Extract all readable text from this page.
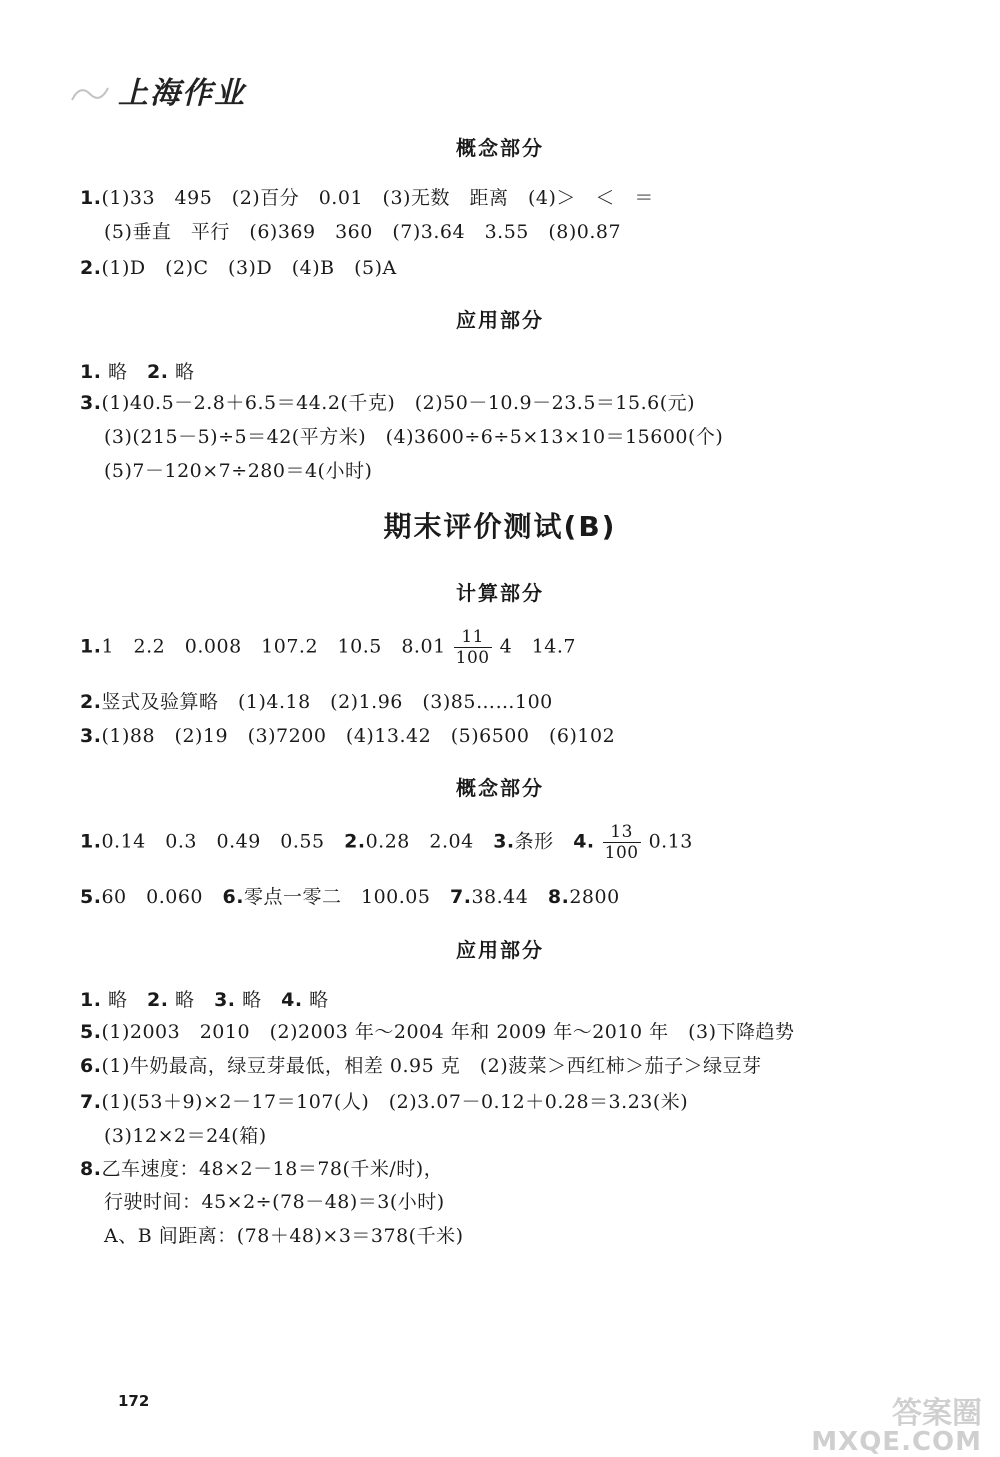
上海作业
概念部分
1.(1)33　495　(2)百分　0.01　(3)无数　距离　(4)＞　＜　＝
(5)垂直　平行　(6)369　360　(7)3.64　3.55　(8)0.87
2.(1)D　(2)C　(3)D　(4)B　(5)A
应用部分
1. 略　 2. 略
3.(1)40.5－2.8＋6.5＝44.2(千克)　(2)50－10.9－23.5＝15.6(元)
(3)(215－5)÷5＝42(平方米)　(4)3600÷6÷5×13×10＝15600(个)
(5)7－120×7÷280＝4(小时)
期末评价测试(B)
计算部分
1.1　2.2　0.008　107.2　10.5　$8.01 \frac{11}{100} 4$　14.7
2.竖式及验算略　(1)4.18　(2)1.96　(3)85……100
3.(1)88　(2)19　(3)7200　(4)13.42　(5)6500　(6)102
概念部分
1.0.14　0.3　0.49　0.55　 2.0.28　2.04　 3.条形　 4. $\frac{13}{100} 0.13$
5.60　0.060　 6.零点一零二　100.05　 7.38.44　 8.2800
应用部分
1. 略　 2. 略　 3. 略　 4. 略
5.(1)2003　2010　(2)2003 年～2004 年和 2009 年～2010 年　(3)下降趋势
6.(1)牛奶最高，绿豆芽最低，相差 0.95 克　(2)菠菜＞西红柿＞茄子＞绿豆芽
7.(1)(53＋9)×2－17＝107(人)　(2)3.07－0.12＋0.28＝3.23(米)
(3)12×2＝24(箱)
8.乙车速度：48×2－18＝78(千米/时)，
行驶时间：45×2÷(78－48)＝3(小时)
A、B 间距离：(78＋48)×3＝378(千米)
172	答案圈
MXQE.COM
